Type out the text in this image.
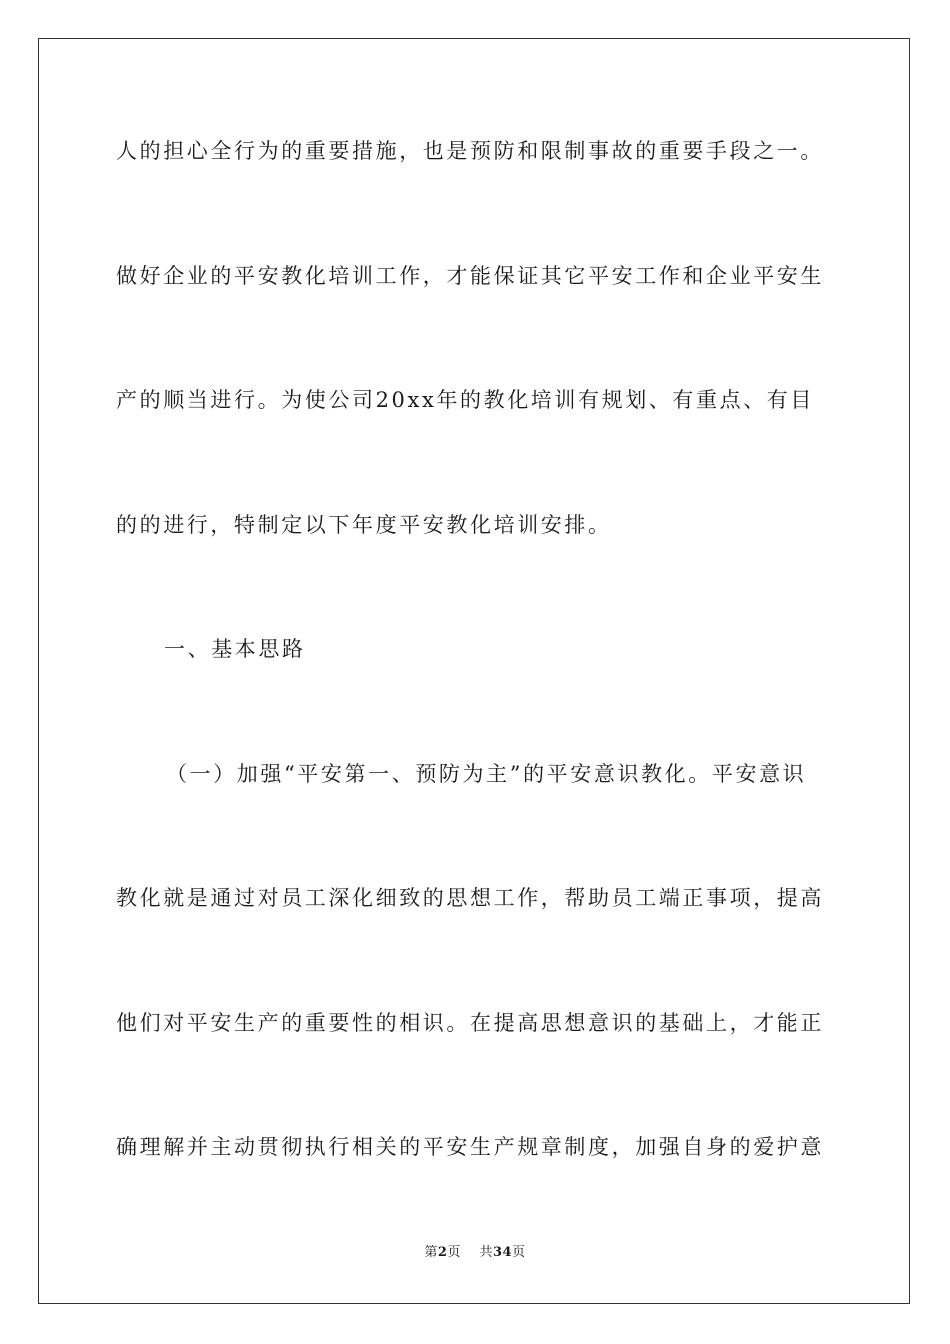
人的担心全行为的重要措施，也是预防和限制事故的重要手段之一。
做好企业的平安教化培训工作，才能保证其它平安工作和企业平安生
产的顺当进行。为使公司20xx年的教化培训有规划、有重点、有目
的的进行，特制定以下年度平安教化培训安排。
一、基本思路
（一）加强“平安第一、预防为主”的平安意识教化。平安意识
教化就是通过对员工深化细致的思想工作，帮助员工端正事项，提高
他们对平安生产的重要性的相识。在提高思想意识的基础上，才能正
确理解并主动贯彻执行相关的平安生产规章制度，加强自身的爱护意
第2页 共34页
